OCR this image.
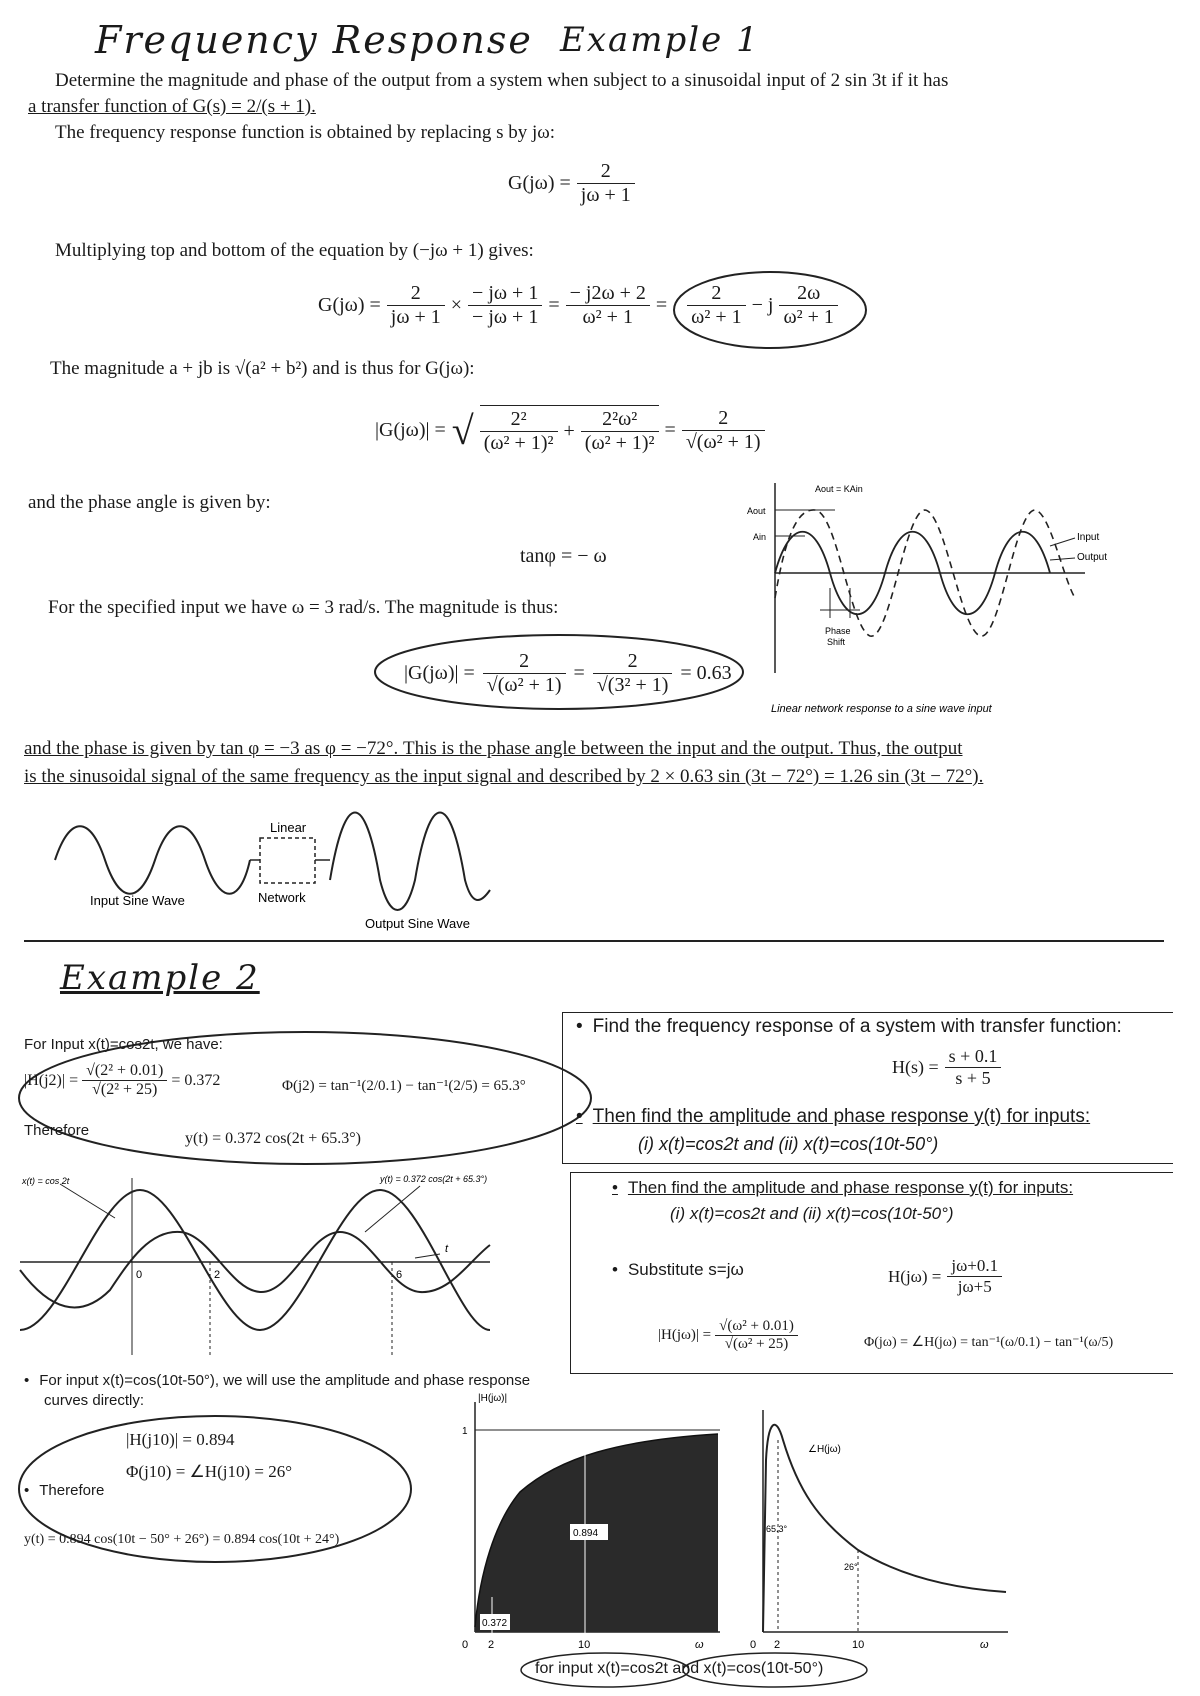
Frequency Response Example 1
Determine the magnitude and phase of the output from a system when subject to a sinusoidal input of 2 sin 3t if it has
a transfer function of G(s) = 2/(s + 1).
The frequency response function is obtained by replacing s by jω:
$G(j\omega) = \frac{2}{j\omega + 1}$
Multiplying top and bottom of the equation by (−jω + 1) gives:
$G(j\omega) = \frac{2}{j\omega + 1} \times \frac{- j\omega + 1}{- j\omega + 1} = \frac{- j2\omega + 2}{\text{ω² + 1}} = \frac{2}{\text{ω² + 1}} - j \frac{2\omega}{\text{ω² + 1}}$
The magnitude a + jb is √(a² + b²) and is thus for G(jω):
|G(jω)| = √ $\frac{\text{2²}}{\text{(ω² + 1)²}} + \frac{\text{2²ω²}}{\text{(ω² + 1)²}} = \frac{2}{\text{√(ω² + 1)}}$
and the phase angle is given by:
tanφ = − ω
For the specified input we have ω = 3 rad/s. The magnitude is thus:
$|G(j\omega)| = \frac{2}{\text{√(ω² + 1)}} = \frac{2}{\text{√(3² + 1)}} = 0.63$
Aout = KAin
Aout
Ain	Input
Output
Phase
Shift
Linear network response to a sine wave input
and the phase is given by tan φ = −3 as φ = −72°. This is the phase angle between the input and the output. Thus, the output
is the sinusoidal signal of the same frequency as the input signal and described by 2 × 0.63 sin (3t − 72°) = 1.26 sin (3t − 72°).
Linear
Network
Input Sine Wave
Output Sine Wave
Example 2
For Input x(t)=cos2t, we have:
$|H(j2)| = \frac{\text{√(2² + 0.01)}}{\text{√(2² + 25)}} = 0.372$	Φ(j2) = tan⁻¹(2/0.1) − tan⁻¹(2/5) = 65.3°
Therefore	y(t) = 0.372 cos(2t + 65.3°)
• Find the frequency response of a system with transfer function:
$H(s) = \frac{s + 0.1}{s + 5}$
• Then find the amplitude and phase response y(t) for inputs:
(i) x(t)=cos2t and (ii) x(t)=cos(10t-50°)
• Then find the amplitude and phase response y(t) for inputs:
(i) x(t)=cos2t and (ii) x(t)=cos(10t-50°)
• Substitute s=jω	$H(j\omega) = \frac{j\omega+0.1}{j\omega+5}$
$|H(j\omega)| = \frac{\text{√(ω² + 0.01)}}{\text{√(ω² + 25)}}$	Φ(jω) = ∠H(jω) = tan⁻¹(ω/0.1) − tan⁻¹(ω/5)
x(t) = cos 2t	y(t) = 0.372 cos(2t + 65.3°)
t
0	2	6
• For input x(t)=cos(10t-50°), we will use the amplitude and phase response
curves directly:
|H(j10)| = 0.894
Φ(j10) = ∠H(j10) = 26°
• Therefore
y(t) = 0.894 cos(10t − 50° + 26°) = 0.894 cos(10t + 24°)
|H(jω)|
1
0.894
0.372
0 2	10	ω
∠H(jω)
65.3°
26°
0 2	10	ω
for input x(t)=cos2t and x(t)=cos(10t-50°)
